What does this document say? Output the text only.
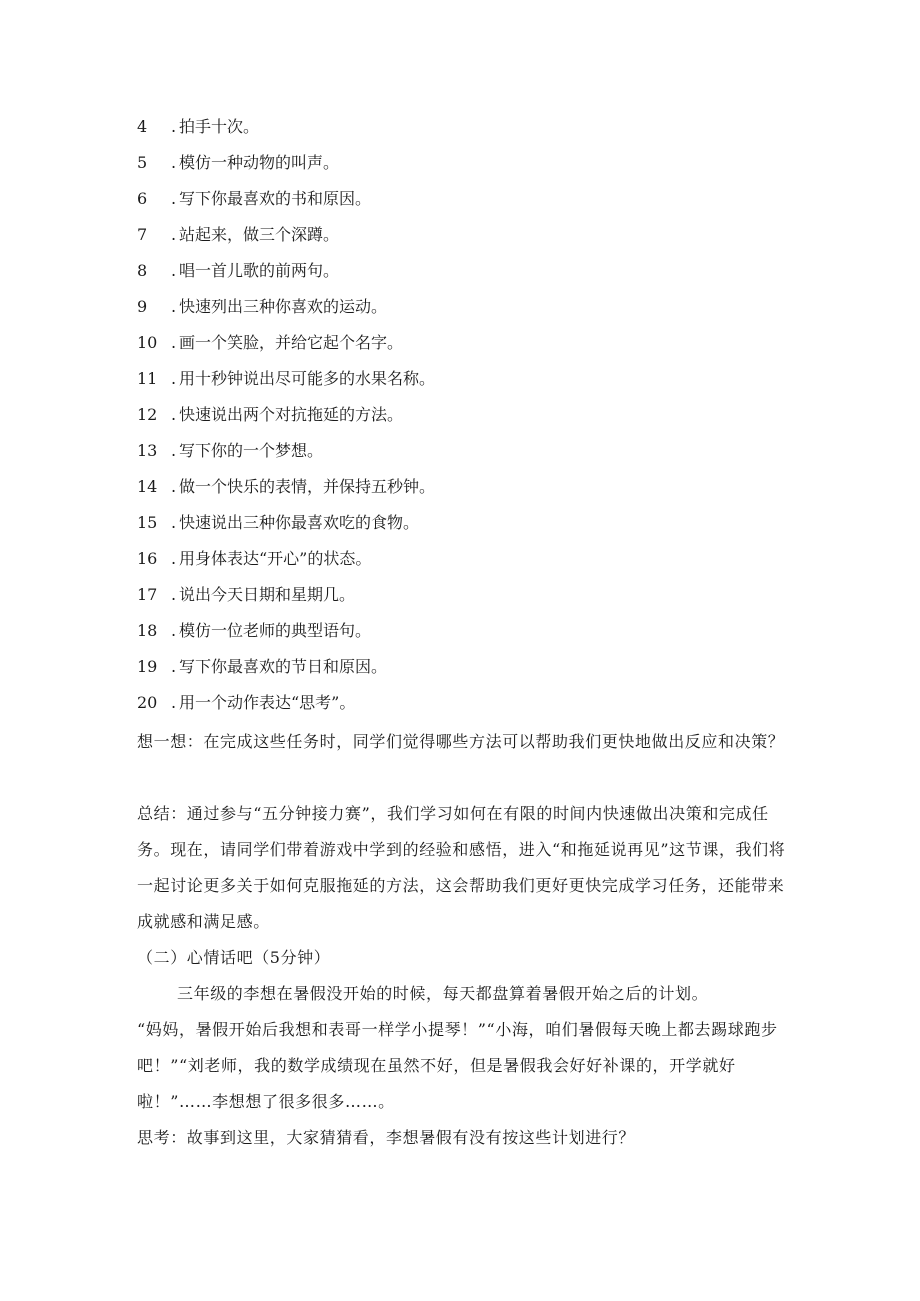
4 . 拍手十次。
5 . 模仿一种动物的叫声。
6 . 写下你最喜欢的书和原因。
7 . 站起来，做三个深蹲。
8 . 唱一首儿歌的前两句。
9 . 快速列出三种你喜欢的运动。
10 . 画一个笑脸，并给它起个名字。
11 . 用十秒钟说出尽可能多的水果名称。
12 . 快速说出两个对抗拖延的方法。
13 . 写下你的一个梦想。
14 . 做一个快乐的表情，并保持五秒钟。
15 . 快速说出三种你最喜欢吃的食物。
16 . 用身体表达“开心”的状态。
17 . 说出今天日期和星期几。
18 . 模仿一位老师的典型语句。
19 . 写下你最喜欢的节日和原因。
20 . 用一个动作表达“思考”。
想一想：在完成这些任务时，同学们觉得哪些方法可以帮助我们更快地做出反应和决策？
总结：通过参与“五分钟接力赛”，我们学习如何在有限的时间内快速做出决策和完成任务。现在，请同学们带着游戏中学到的经验和感悟，进入“和拖延说再见”这节课，我们将一起讨论更多关于如何克服拖延的方法，这会帮助我们更好更快完成学习任务，还能带来成就感和满足感。
（二）心情话吧（5分钟）
三年级的李想在暑假没开始的时候，每天都盘算着暑假开始之后的计划。
“妈妈，暑假开始后我想和表哥一样学小提琴！”“小海，咱们暑假每天晚上都去踢球跑步吧！”“刘老师，我的数学成绩现在虽然不好，但是暑假我会好好补课的，开学就好啦！”……李想想了很多很多……。
思考：故事到这里，大家猜猜看，李想暑假有没有按这些计划进行？
